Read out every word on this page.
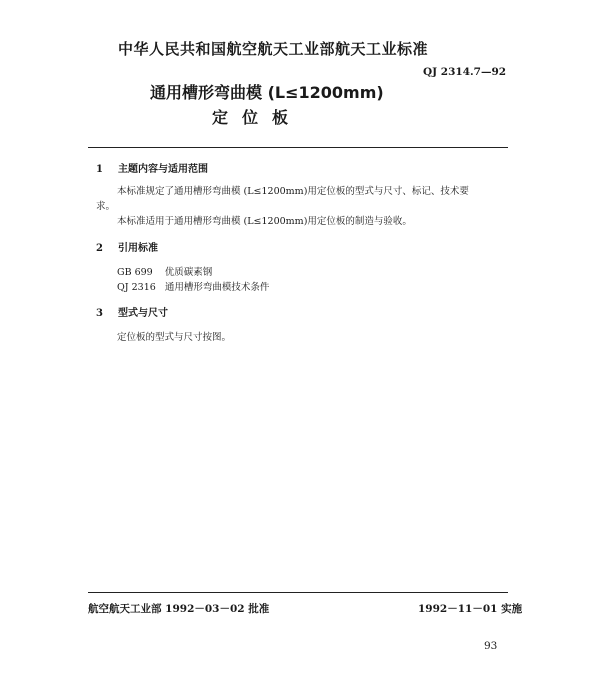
中华人民共和国航空航天工业部航天工业标准
QJ 2314.7—92
通用槽形弯曲模 (L≤1200mm)
定位板
1	主题内容与适用范围
本标准规定了通用槽形弯曲模 (L≤1200mm)用定位板的型式与尺寸、标记、技术要
求。
本标准适用于通用槽形弯曲模 (L≤1200mm)用定位板的制造与验收。
2	引用标准
GB 699    优质碳素钢
QJ 2316   通用槽形弯曲模技术条件
3	型式与尺寸
定位板的型式与尺寸按图。
航空航天工业部 1992－03－02 批准	1992－11－01 实施
93
